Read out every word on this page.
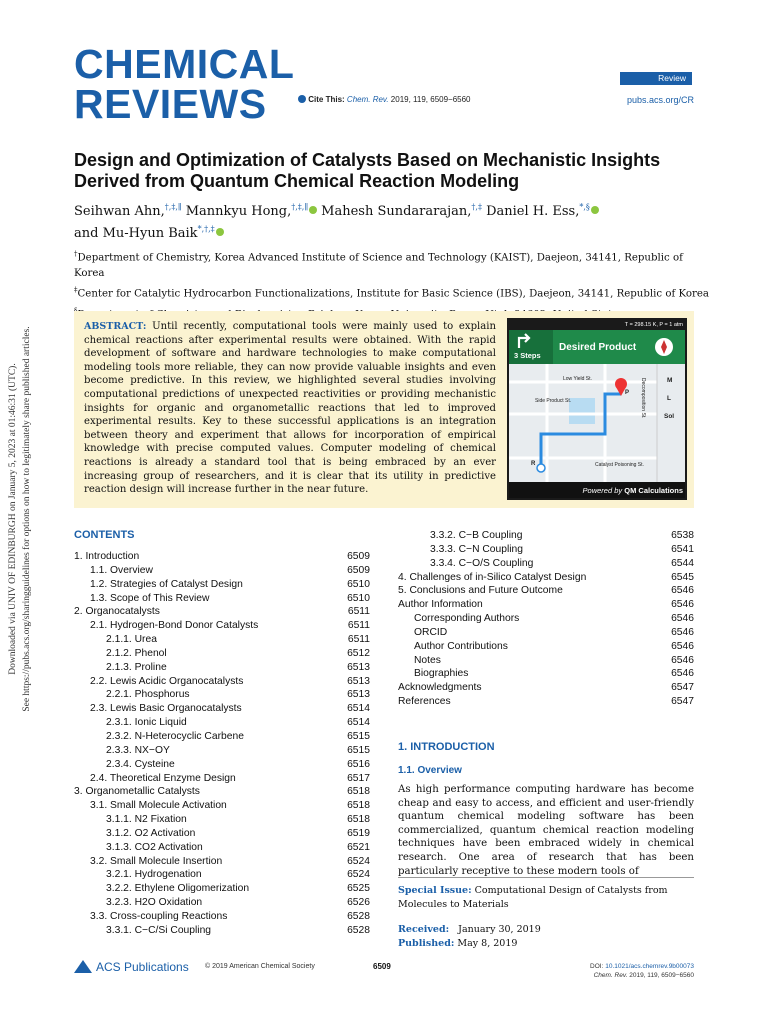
Downloaded via UNIV OF EDINBURGH on January 5, 2023 at 01:46:31 (UTC). See https://pubs.acs.org/sharingguidelines for options on how to legitimately share published articles.
CHEMICAL
REVIEWS	Cite This: Chem. Rev. 2019, 119, 6509−6560
Review
pubs.acs.org/CR
Design and Optimization of Catalysts Based on Mechanistic Insights Derived from Quantum Chemical Reaction Modeling
Seihwan Ahn,†,‡,∥ Mannkyu Hong,†,‡,∥ Mahesh Sundararajan,†,‡ Daniel H. Ess,*,§
and Mu-Hyun Baik*,†,‡
†Department of Chemistry, Korea Advanced Institute of Science and Technology (KAIST), Daejeon, 34141, Republic of Korea
‡Center for Catalytic Hydrocarbon Functionalizations, Institute for Basic Science (IBS), Daejeon, 34141, Republic of Korea
ABSTRACT: Until recently, computational tools were mainly used to explain chemical reactions after experimental results were obtained. With the rapid development of software and hardware technologies to make computational modeling tools more reliable, they can now provide valuable insights and even become predictive. In this review, we highlighted several studies involving computational predictions of unexpected reactivities or providing mechanistic insights for organic and organometallic reactions that led to improved experimental results. Key to these successful applications is an integration between theory and experiment that allows for incorporation of empirical knowledge with precise computed values. Computer modeling of chemical reactions is already a standard tool that is being embraced by an ever increasing group of researchers, and it is clear that its utility in predictive reaction design will increase further in the near future.
T = 298.15 K, P = 1 atm
3 Steps
Desired Product
Low Yield St.
Side Product St.	Decomposition St.
Catalyst Poisoning St.
M
L
Sol
P
R
Powered by QM Calculations
CONTENTS
1. Introduction	6509
1.1. Overview	6509
1.2. Strategies of Catalyst Design	6510
1.3. Scope of This Review	6510
2. Organocatalysts	6511
2.1. Hydrogen-Bond Donor Catalysts	6511
2.1.1. Urea	6511
2.1.2. Phenol	6512
2.1.3. Proline	6513
2.2. Lewis Acidic Organocatalysts	6513
2.2.1. Phosphorus	6513
2.3. Lewis Basic Organocatalysts	6514
2.3.1. Ionic Liquid	6514
2.3.2. N-Heterocyclic Carbene	6515
2.3.3. NX−OY	6515
2.3.4. Cysteine	6516
2.4. Theoretical Enzyme Design	6517
3. Organometallic Catalysts	6518
3.1. Small Molecule Activation	6518
3.1.1. N2 Fixation	6518
3.1.2. O2 Activation	6519
3.1.3. CO2 Activation	6521
3.2. Small Molecule Insertion	6524
3.2.1. Hydrogenation	6524
3.2.2. Ethylene Oligomerization	6525
3.2.3. H2O Oxidation	6526
3.3. Cross-coupling Reactions	6528
3.3.1. C−C/Si Coupling	6528
3.3.2. C−B Coupling	6538
3.3.3. C−N Coupling	6541
3.3.4. C−O/S Coupling	6544
4. Challenges of in-Silico Catalyst Design	6545
5. Conclusions and Future Outcome	6546
Author Information	6546
Corresponding Authors	6546
ORCID	6546
Author Contributions	6546
Notes	6546
Biographies	6546
Acknowledgments	6547
References	6547
1. INTRODUCTION
1.1. Overview
As high performance computing hardware has become cheap and easy to access, and efficient and user-friendly quantum chemical modeling software has been commercialized, quantum chemical reaction modeling techniques have been embraced widely in chemical research. One area of research that has been particularly receptive to these modern tools of
Special Issue: Computational Design of Catalysts from Molecules to Materials
Received: January 30, 2019
Published: May 8, 2019
ACS Publications © 2019 American Chemical Society	6509	DOI: 10.1021/acs.chemrev.9b00073
Chem. Rev. 2019, 119, 6509−6560
